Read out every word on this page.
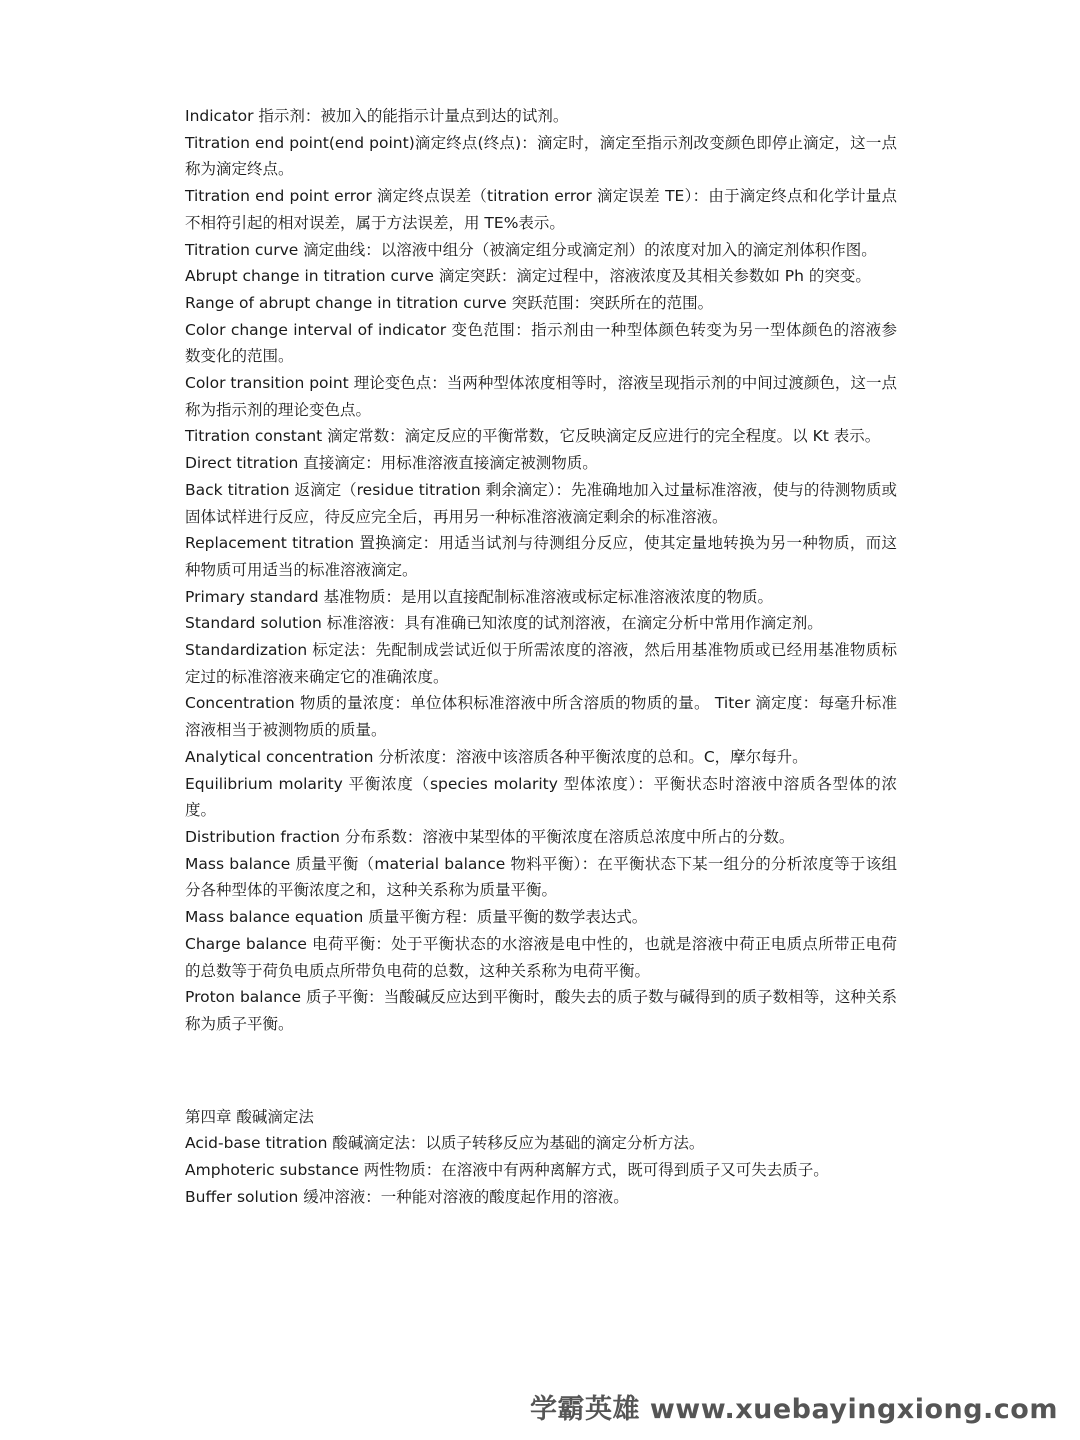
Indicator 指示剂：被加入的能指示计量点到达的试剂。

Titration end point(end point)滴定终点(终点)：滴定时，滴定至指示剂改变颜色即停止滴定，这一点称为滴定终点。

Titration end point error 滴定终点误差（titration error 滴定误差 TE）：由于滴定终点和化学计量点不相符引起的相对误差，属于方法误差，用 TE%表示。

Titration curve 滴定曲线：以溶液中组分（被滴定组分或滴定剂）的浓度对加入的滴定剂体积作图。

Abrupt change in titration curve 滴定突跃：滴定过程中，溶液浓度及其相关参数如 Ph 的突变。

Range of abrupt change in titration curve 突跃范围：突跃所在的范围。

Color change interval of indicator 变色范围：指示剂由一种型体颜色转变为另一型体颜色的溶液参数变化的范围。

Color transition point 理论变色点：当两种型体浓度相等时，溶液呈现指示剂的中间过渡颜色，这一点称为指示剂的理论变色点。

Titration constant 滴定常数：滴定反应的平衡常数，它反映滴定反应进行的完全程度。以 Kt 表示。

Direct titration 直接滴定：用标准溶液直接滴定被测物质。

Back titration 返滴定（residue titration 剩余滴定）：先准确地加入过量标准溶液，使与的待测物质或固体试样进行反应，待反应完全后，再用另一种标准溶液滴定剩余的标准溶液。

Replacement titration 置换滴定：用适当试剂与待测组分反应，使其定量地转换为另一种物质，而这种物质可用适当的标准溶液滴定。

Primary standard 基准物质：是用以直接配制标准溶液或标定标准溶液浓度的物质。

Standard solution 标准溶液：具有准确已知浓度的试剂溶液，在滴定分析中常用作滴定剂。

Standardization 标定法：先配制成尝试近似于所需浓度的溶液，然后用基准物质或已经用基准物质标定过的标准溶液来确定它的准确浓度。

Concentration 物质的量浓度：单位体积标准溶液中所含溶质的物质的量。 Titer 滴定度：每毫升标准溶液相当于被测物质的质量。

Analytical concentration 分析浓度：溶液中该溶质各种平衡浓度的总和。C，摩尔每升。

Equilibrium molarity 平衡浓度（species molarity 型体浓度）：平衡状态时溶液中溶质各型体的浓度。

Distribution fraction 分布系数：溶液中某型体的平衡浓度在溶质总浓度中所占的分数。

Mass balance 质量平衡（material balance 物料平衡）：在平衡状态下某一组分的分析浓度等于该组分各种型体的平衡浓度之和，这种关系称为质量平衡。

Mass balance equation 质量平衡方程：质量平衡的数学表达式。

Charge balance 电荷平衡：处于平衡状态的水溶液是电中性的，也就是溶液中荷正电质点所带正电荷的总数等于荷负电质点所带负电荷的总数，这种关系称为电荷平衡。

Proton balance 质子平衡：当酸碱反应达到平衡时，酸失去的质子数与碱得到的质子数相等，这种关系称为质子平衡。

第四章 酸碱滴定法

Acid-base titration 酸碱滴定法：以质子转移反应为基础的滴定分析方法。

Amphoteric substance 两性物质：在溶液中有两种离解方式，既可得到质子又可失去质子。

Buffer solution 缓冲溶液：一种能对溶液的酸度起作用的溶液。

学霸英雄 www.xuebayingxiong.com
